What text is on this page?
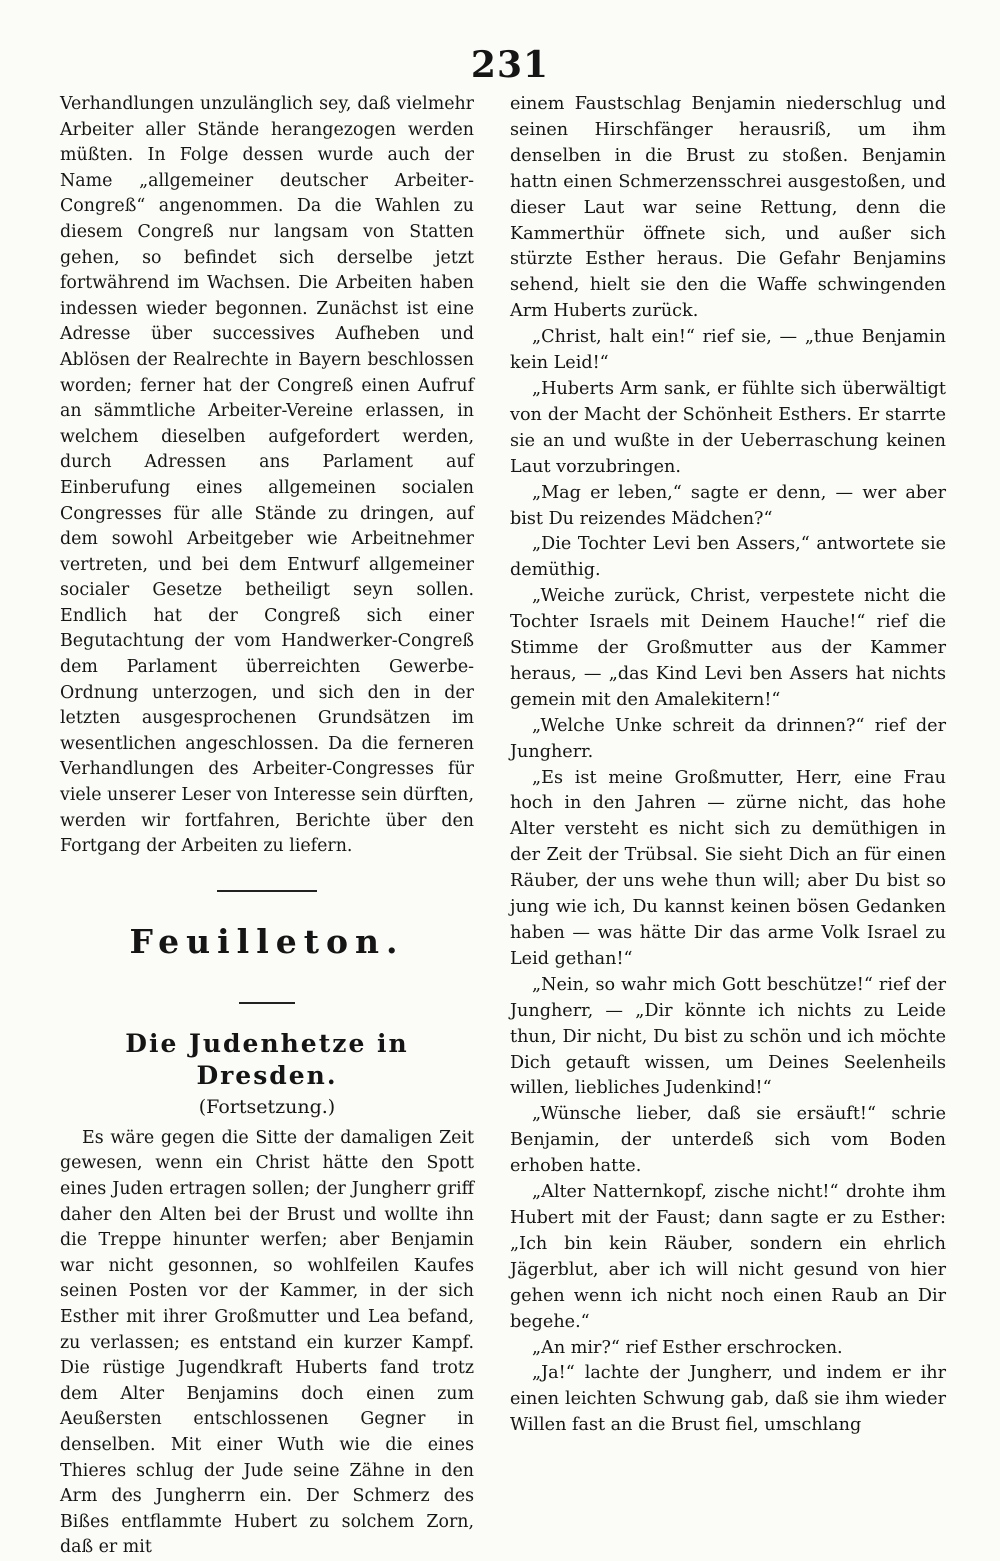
231

Verhandlungen unzulänglich sey, daß vielmehr Arbeiter aller Stände herangezogen werden müßten. In Folge dessen wurde auch der Name „allgemeiner deutscher Arbeiter-Congreß“ angenommen. Da die Wahlen zu diesem Congreß nur langsam von Statten gehen, so befindet sich derselbe jetzt fortwährend im Wachsen. Die Arbeiten haben indessen wieder begonnen. Zunächst ist eine Adresse über successives Aufheben und Ablösen der Realrechte in Bayern beschlossen worden; ferner hat der Congreß einen Aufruf an sämmtliche Arbeiter-Vereine erlassen, in welchem dieselben aufgefordert werden, durch Adressen ans Parlament auf Einberufung eines allgemeinen socialen Congresses für alle Stände zu dringen, auf dem sowohl Arbeitgeber wie Arbeitnehmer vertreten, und bei dem Entwurf allgemeiner socialer Gesetze betheiligt seyn sollen. Endlich hat der Congreß sich einer Begutachtung der vom Handwerker-Congreß dem Parlament überreichten Gewerbe-Ordnung unterzogen, und sich den in der letzten ausgesprochenen Grundsätzen im wesentlichen angeschlossen. Da die ferneren Verhandlungen des Arbeiter-Congresses für viele unserer Leser von Interesse sein dürften, werden wir fortfahren, Berichte über den Fortgang der Arbeiten zu liefern.

Feuilleton.
Die Judenhetze in Dresden.
(Fortsetzung.)

Es wäre gegen die Sitte der damaligen Zeit gewesen, wenn ein Christ hätte den Spott eines Juden ertragen sollen; der Jungherr griff daher den Alten bei der Brust und wollte ihn die Treppe hinunter werfen; aber Benjamin war nicht gesonnen, so wohlfeilen Kaufes seinen Posten vor der Kammer, in der sich Esther mit ihrer Großmutter und Lea befand, zu verlassen; es entstand ein kurzer Kampf. Die rüstige Jugendkraft Huberts fand trotz dem Alter Benjamins doch einen zum Aeußersten entschlossenen Gegner in denselben. Mit einer Wuth wie die eines Thieres schlug der Jude seine Zähne in den Arm des Jungherrn ein. Der Schmerz des Bißes entflammte Hubert zu solchem Zorn, daß er mit

einem Faustschlag Benjamin niederschlug und seinen Hirschfänger herausriß, um ihm denselben in die Brust zu stoßen. Benjamin hattn einen Schmerzensschrei ausgestoßen, und dieser Laut war seine Rettung, denn die Kammerthür öffnete sich, und außer sich stürzte Esther heraus. Die Gefahr Benjamins sehend, hielt sie den die Waffe schwingenden Arm Huberts zurück.

„Christ, halt ein!“ rief sie, — „thue Benjamin kein Leid!“

„Huberts Arm sank, er fühlte sich überwältigt von der Macht der Schönheit Esthers. Er starrte sie an und wußte in der Ueberraschung keinen Laut vorzubringen.

„Mag er leben,“ sagte er denn, — wer aber bist Du reizendes Mädchen?“

„Die Tochter Levi ben Assers,“ antwortete sie demüthig.

„Weiche zurück, Christ, verpestete nicht die Tochter Israels mit Deinem Hauche!“ rief die Stimme der Großmutter aus der Kammer heraus, — „das Kind Levi ben Assers hat nichts gemein mit den Amalekitern!“

„Welche Unke schreit da drinnen?“ rief der Jungherr.

„Es ist meine Großmutter, Herr, eine Frau hoch in den Jahren — zürne nicht, das hohe Alter versteht es nicht sich zu demüthigen in der Zeit der Trübsal. Sie sieht Dich an für einen Räuber, der uns wehe thun will; aber Du bist so jung wie ich, Du kannst keinen bösen Gedanken haben — was hätte Dir das arme Volk Israel zu Leid gethan!“

„Nein, so wahr mich Gott beschütze!“ rief der Jungherr, — „Dir könnte ich nichts zu Leide thun, Dir nicht, Du bist zu schön und ich möchte Dich getauft wissen, um Deines Seelenheils willen, liebliches Judenkind!“

„Wünsche lieber, daß sie ersäuft!“ schrie Benjamin, der unterdeß sich vom Boden erhoben hatte.

„Alter Natternkopf, zische nicht!“ drohte ihm Hubert mit der Faust; dann sagte er zu Esther: „Ich bin kein Räuber, sondern ein ehrlich Jägerblut, aber ich will nicht gesund von hier gehen wenn ich nicht noch einen Raub an Dir begehe.“

„An mir?“ rief Esther erschrocken.

„Ja!“ lachte der Jungherr, und indem er ihr einen leichten Schwung gab, daß sie ihm wieder Willen fast an die Brust fiel, umschlang
